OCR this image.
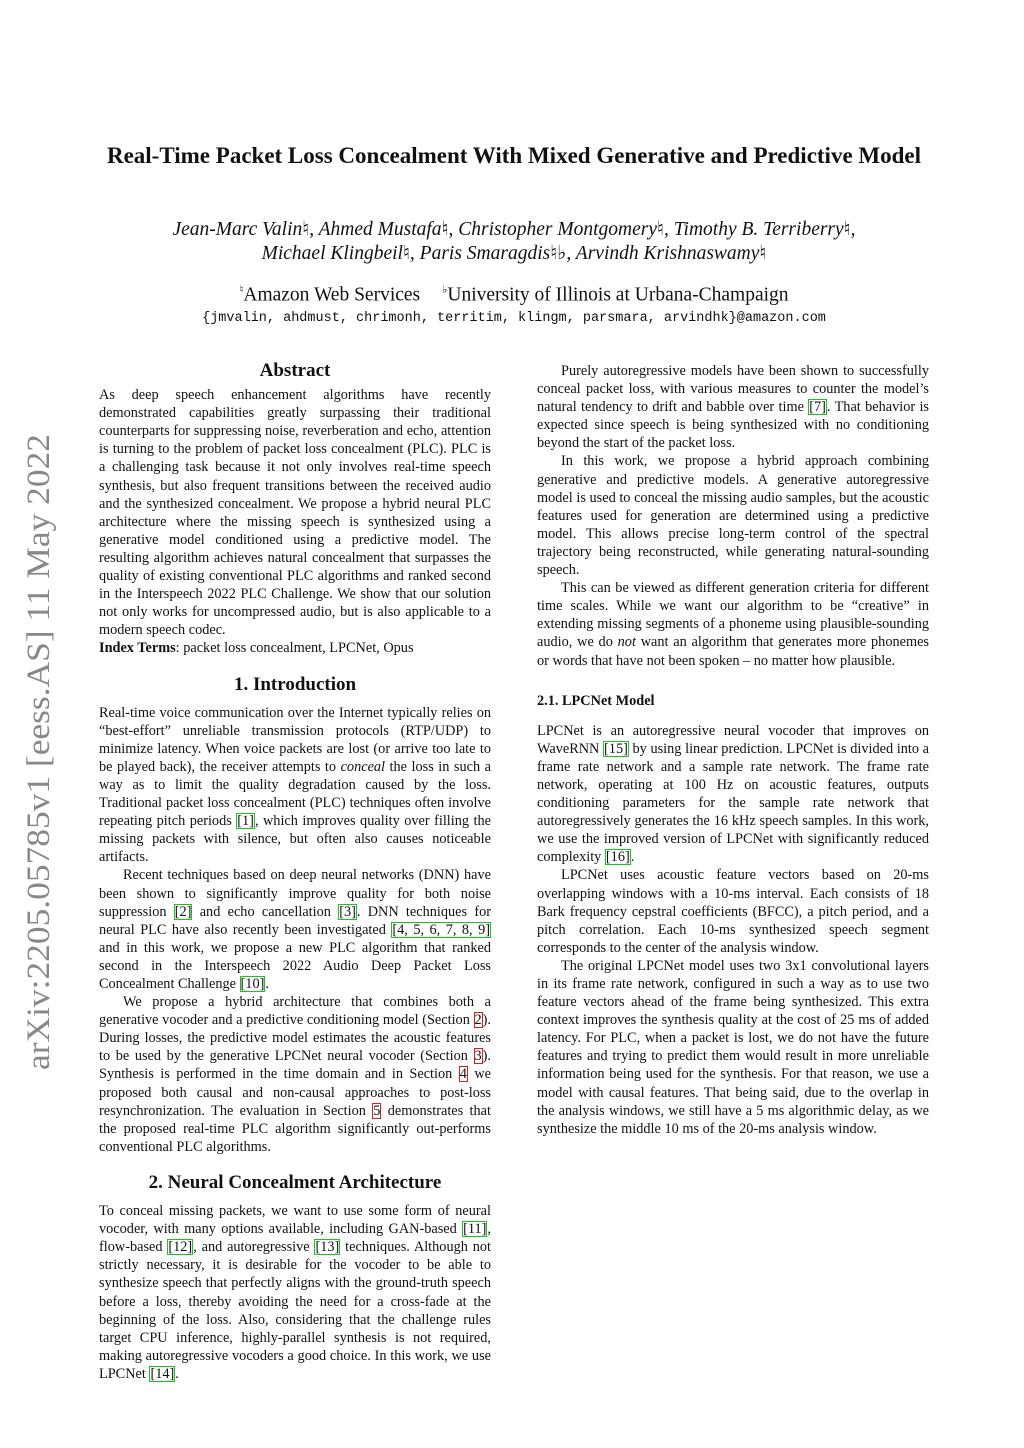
arXiv:2205.05785v1 [eess.AS] 11 May 2022
Real-Time Packet Loss Concealment With Mixed Generative and Predictive Model
Jean-Marc Valin♮, Ahmed Mustafa♮, Christopher Montgomery♮, Timothy B. Terriberry♮,
Michael Klingbeil♮, Paris Smaragdis♮♭, Arvindh Krishnaswamy♮
♮Amazon Web Services ♭University of Illinois at Urbana-Champaign
{jmvalin, ahdmust, chrimonh, territim, klingm, parsmara, arvindhk}@amazon.com
Abstract

As deep speech enhancement algorithms have recently demonstrated capabilities greatly surpassing their traditional counterparts for suppressing noise, reverberation and echo, attention is turning to the problem of packet loss concealment (PLC). PLC is a challenging task because it not only involves real-time speech synthesis, but also frequent transitions between the received audio and the synthesized concealment. We propose a hybrid neural PLC architecture where the missing speech is synthesized using a generative model conditioned using a predictive model. The resulting algorithm achieves natural concealment that surpasses the quality of existing conventional PLC algorithms and ranked second in the Interspeech 2022 PLC Challenge. We show that our solution not only works for uncompressed audio, but is also applicable to a modern speech codec.

Index Terms: packet loss concealment, LPCNet, Opus

1. Introduction

Real-time voice communication over the Internet typically relies on “best-effort” unreliable transmission protocols (RTP/UDP) to minimize latency. When voice packets are lost (or arrive too late to be played back), the receiver attempts to conceal the loss in such a way as to limit the quality degradation caused by the loss. Traditional packet loss concealment (PLC) techniques often involve repeating pitch periods [1], which improves quality over filling the missing packets with silence, but often also causes noticeable artifacts.

Recent techniques based on deep neural networks (DNN) have been shown to significantly improve quality for both noise suppression [2] and echo cancellation [3]. DNN techniques for neural PLC have also recently been investigated [4, 5, 6, 7, 8, 9] and in this work, we propose a new PLC algorithm that ranked second in the Interspeech 2022 Audio Deep Packet Loss Concealment Challenge [10].

We propose a hybrid architecture that combines both a generative vocoder and a predictive conditioning model (Section 2). During losses, the predictive model estimates the acoustic features to be used by the generative LPCNet neural vocoder (Section 3). Synthesis is performed in the time domain and in Section 4 we proposed both causal and non-causal approaches to post-loss resynchronization. The evaluation in Section 5 demonstrates that the proposed real-time PLC algorithm significantly out-performs conventional PLC algorithms.

2. Neural Concealment Architecture

To conceal missing packets, we want to use some form of neural vocoder, with many options available, including GAN-based [11], flow-based [12], and autoregressive [13] techniques. Although not strictly necessary, it is desirable for the vocoder to be able to synthesize speech that perfectly aligns with the ground-truth speech before a loss, thereby avoiding the need for a cross-fade at the beginning of the loss. Also, considering that the challenge rules target CPU inference, highly-parallel synthesis is not required, making autoregressive vocoders a good choice. In this work, we use LPCNet [14].

Purely autoregressive models have been shown to successfully conceal packet loss, with various measures to counter the model’s natural tendency to drift and babble over time [7]. That behavior is expected since speech is being synthesized with no conditioning beyond the start of the packet loss.

In this work, we propose a hybrid approach combining generative and predictive models. A generative autoregressive model is used to conceal the missing audio samples, but the acoustic features used for generation are determined using a predictive model. This allows precise long-term control of the spectral trajectory being reconstructed, while generating natural-sounding speech.

This can be viewed as different generation criteria for different time scales. While we want our algorithm to be “creative” in extending missing segments of a phoneme using plausible-sounding audio, we do not want an algorithm that generates more phonemes or words that have not been spoken – no matter how plausible.

2.1. LPCNet Model

LPCNet is an autoregressive neural vocoder that improves on WaveRNN [15] by using linear prediction. LPCNet is divided into a frame rate network and a sample rate network. The frame rate network, operating at 100 Hz on acoustic features, outputs conditioning parameters for the sample rate network that autoregressively generates the 16 kHz speech samples. In this work, we use the improved version of LPCNet with significantly reduced complexity [16].

LPCNet uses acoustic feature vectors based on 20-ms overlapping windows with a 10-ms interval. Each consists of 18 Bark frequency cepstral coefficients (BFCC), a pitch period, and a pitch correlation. Each 10-ms synthesized speech segment corresponds to the center of the analysis window.

The original LPCNet model uses two 3x1 convolutional layers in its frame rate network, configured in such a way as to use two feature vectors ahead of the frame being synthesized. This extra context improves the synthesis quality at the cost of 25 ms of added latency. For PLC, when a packet is lost, we do not have the future features and trying to predict them would result in more unreliable information being used for the synthesis. For that reason, we use a model with causal features. That being said, due to the overlap in the analysis windows, we still have a 5 ms algorithmic delay, as we synthesize the middle 10 ms of the 20-ms analysis window.
